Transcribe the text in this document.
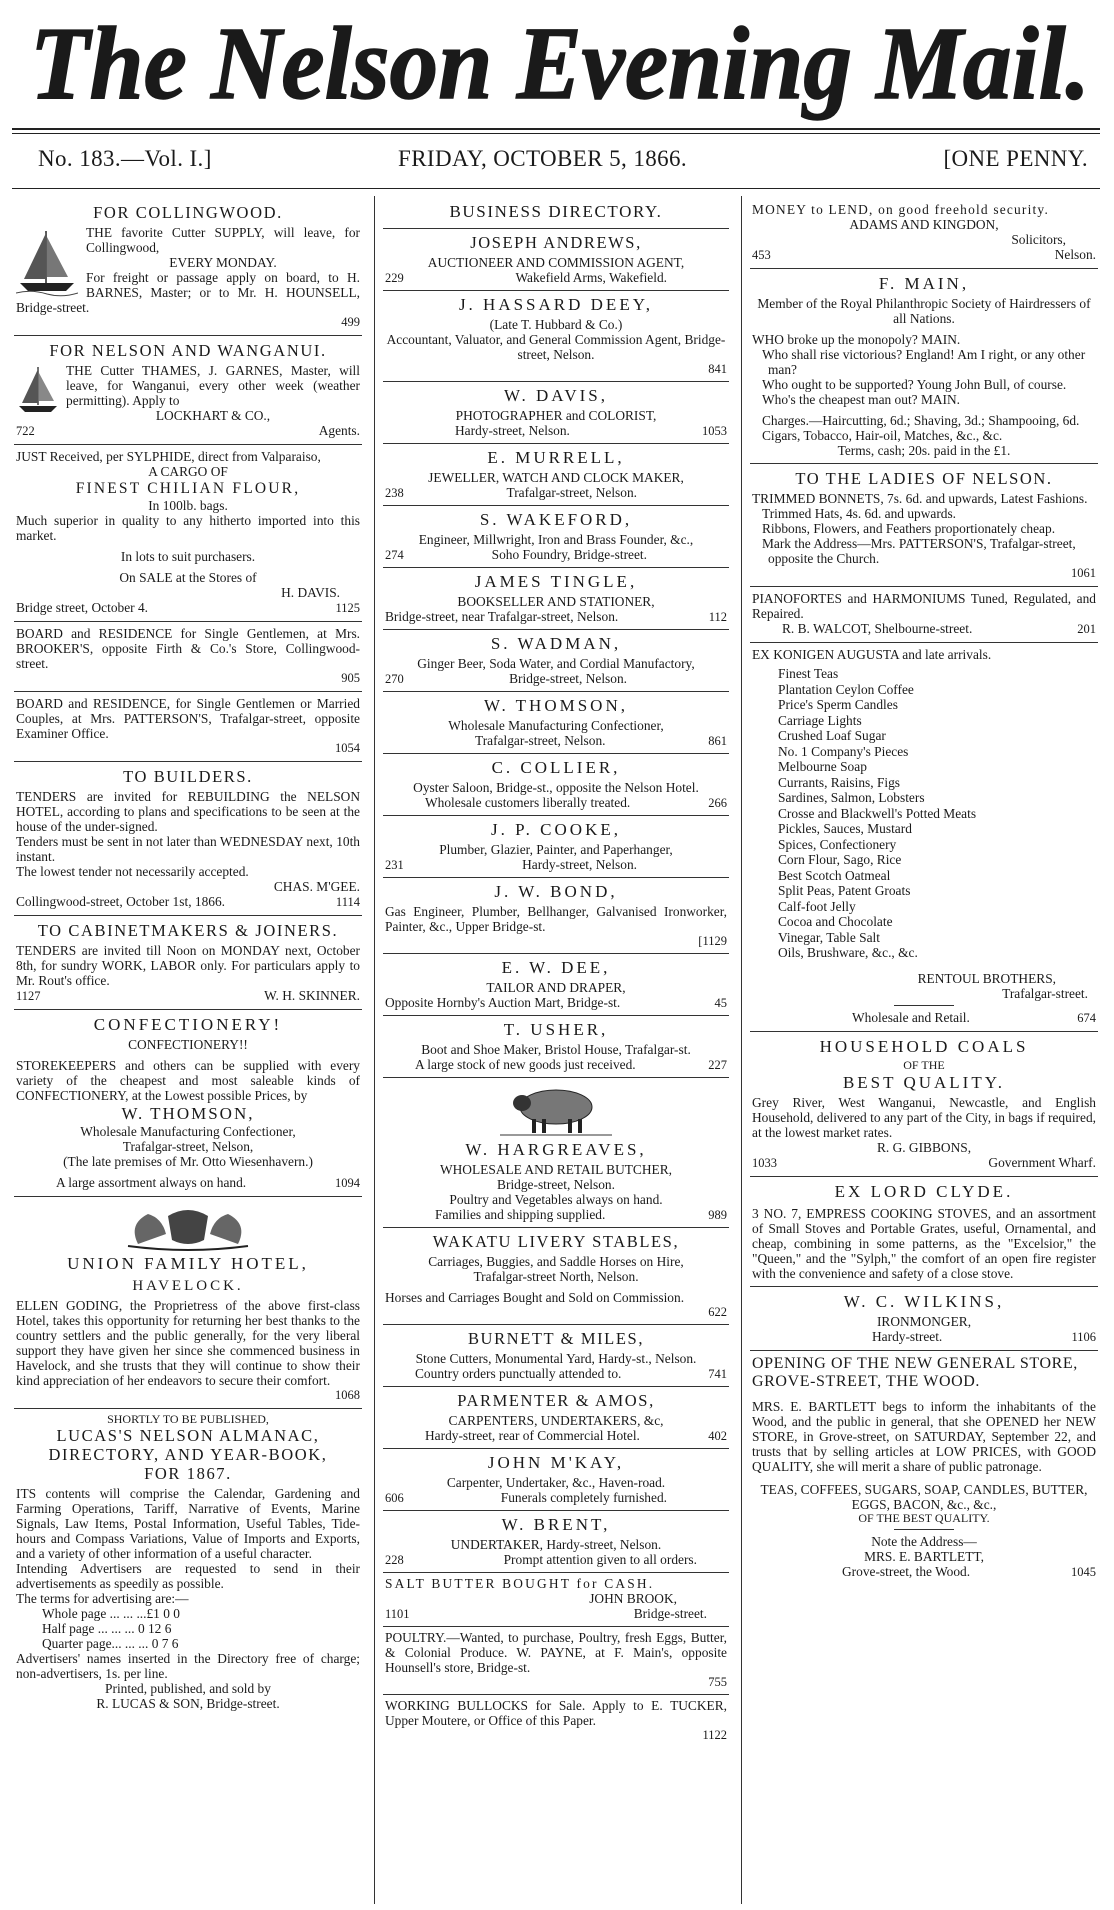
The Nelson Evening Mail.
No. 183.—Vol. I.]	FRIDAY, OCTOBER 5, 1866.	[ONE PENNY.
FOR COLLINGWOOD.
THE favorite Cutter SUPPLY, will leave, for Collingwood,
EVERY MONDAY.
For freight or passage apply on board, to H. BARNES, Master; or to Mr. H. HOUNSELL, Bridge-street.
499
FOR NELSON AND WANGANUI.
THE Cutter THAMES, J. GARNES, Master, will leave, for Wanganui, every other week (weather permitting). Apply to
LOCKHART & CO.,
722	Agents.
JUST Received, per SYLPHIDE, direct from Valparaiso,
A CARGO OF
FINEST CHILIAN FLOUR,
In 100lb. bags.
Much superior in quality to any hitherto imported into this market.
In lots to suit purchasers.
On SALE at the Stores of
H. DAVIS.
Bridge street, October 4.	1125
BOARD and RESIDENCE for Single Gentlemen, at Mrs. BROOKER'S, opposite Firth & Co.'s Store, Collingwood-street.
905
BOARD and RESIDENCE, for Single Gentlemen or Married Couples, at Mrs. PATTERSON'S, Trafalgar-street, opposite Examiner Office.
1054
TO BUILDERS.
TENDERS are invited for REBUILDING the NELSON HOTEL, according to plans and specifications to be seen at the house of the under-signed.
Tenders must be sent in not later than WEDNESDAY next, 10th instant.
The lowest tender not necessarily accepted.
CHAS. M'GEE.
Collingwood-street, October 1st, 1866.	1114
TO CABINETMAKERS & JOINERS.
TENDERS are invited till Noon on MONDAY next, October 8th, for sundry WORK, LABOR only. For particulars apply to Mr. Rout's office.
1127	W. H. SKINNER.
CONFECTIONERY!
CONFECTIONERY!!
STOREKEEPERS and others can be supplied with every variety of the cheapest and most saleable kinds of CONFECTIONERY, at the Lowest possible Prices, by
W. THOMSON,
Wholesale Manufacturing Confectioner,
Trafalgar-street, Nelson,
(The late premises of Mr. Otto Wiesenhavern.)
A large assortment always on hand.	1094
UNION FAMILY HOTEL,
HAVELOCK.
ELLEN GODING, the Proprietress of the above first-class Hotel, takes this opportunity for returning her best thanks to the country settlers and the public generally, for the very liberal support they have given her since she commenced business in Havelock, and she trusts that they will continue to show their kind appreciation of her endeavors to secure their comfort.
1068
SHORTLY TO BE PUBLISHED,
LUCAS'S NELSON ALMANAC,
DIRECTORY, AND YEAR-BOOK,
FOR 1867.
ITS contents will comprise the Calendar, Gardening and Farming Operations, Tariff, Narrative of Events, Marine Signals, Law Items, Postal Information, Useful Tables, Tide-hours and Compass Variations, Value of Imports and Exports, and a variety of other information of a useful character.
Intending Advertisers are requested to send in their advertisements as speedily as possible.
The terms for advertising are:—
Whole page ... ... ...£1 0 0
Half page ... ... ... 0 12 6
Quarter page... ... ... 0 7 6
Advertisers' names inserted in the Directory free of charge; non-advertisers, 1s. per line.
Printed, published, and sold by
R. LUCAS & SON, Bridge-street.
BUSINESS DIRECTORY.
JOSEPH ANDREWS,
AUCTIONEER AND COMMISSION AGENT,
229	Wakefield Arms, Wakefield.
J. HASSARD DEEY,
(Late T. Hubbard & Co.)
Accountant, Valuator, and General Commission Agent, Bridge-street, Nelson.
841
W. DAVIS,
PHOTOGRAPHER and COLORIST,
Hardy-street, Nelson.	1053
E. MURRELL,
JEWELLER, WATCH AND CLOCK MAKER,
238	Trafalgar-street, Nelson.
S. WAKEFORD,
Engineer, Millwright, Iron and Brass Founder, &c.,
274	Soho Foundry, Bridge-street.
JAMES TINGLE,
BOOKSELLER AND STATIONER,
Bridge-street, near Trafalgar-street, Nelson.	112
S. WADMAN,
Ginger Beer, Soda Water, and Cordial Manufactory,
270	Bridge-street, Nelson.
W. THOMSON,
Wholesale Manufacturing Confectioner,
Trafalgar-street, Nelson.	861
C. COLLIER,
Oyster Saloon, Bridge-st., opposite the Nelson Hotel.
Wholesale customers liberally treated.	266
J. P. COOKE,
Plumber, Glazier, Painter, and Paperhanger,
231	Hardy-street, Nelson.
J. W. BOND,
Gas Engineer, Plumber, Bellhanger, Galvanised Ironworker, Painter, &c., Upper Bridge-st.
[1129
E. W. DEE,
TAILOR AND DRAPER,
Opposite Hornby's Auction Mart, Bridge-st.	45
T. USHER,
Boot and Shoe Maker, Bristol House, Trafalgar-st.
A large stock of new goods just received.	227
W. HARGREAVES,
WHOLESALE AND RETAIL BUTCHER,
Bridge-street, Nelson.
Poultry and Vegetables always on hand.
Families and shipping supplied.	989
WAKATU LIVERY STABLES,
Carriages, Buggies, and Saddle Horses on Hire,
Trafalgar-street North, Nelson.
Horses and Carriages Bought and Sold on Commission.
622
BURNETT & MILES,
Stone Cutters, Monumental Yard, Hardy-st., Nelson.
Country orders punctually attended to.	741
PARMENTER & AMOS,
CARPENTERS, UNDERTAKERS, &c,
Hardy-street, rear of Commercial Hotel.	402
JOHN M'KAY,
Carpenter, Undertaker, &c., Haven-road.
606	Funerals completely furnished.
W. BRENT,
UNDERTAKER, Hardy-street, Nelson.
228	Prompt attention given to all orders.
SALT BUTTER BOUGHT for CASH.
JOHN BROOK,
1101	Bridge-street.
POULTRY.—Wanted, to purchase, Poultry, fresh Eggs, Butter, & Colonial Produce. W. PAYNE, at F. Main's, opposite Hounsell's store, Bridge-st.
755
WORKING BULLOCKS for Sale. Apply to E. TUCKER, Upper Moutere, or Office of this Paper.
1122
MONEY to LEND, on good freehold security.
ADAMS AND KINGDON,
Solicitors,
453	Nelson.
F. MAIN,
Member of the Royal Philanthropic Society of Hairdressers of all Nations.
WHO broke up the monopoly? MAIN.
Who shall rise victorious? England! Am I right, or any other man?
Who ought to be supported? Young John Bull, of course.
Who's the cheapest man out? MAIN.
Charges.—Haircutting, 6d.; Shaving, 3d.; Shampooing, 6d.
Cigars, Tobacco, Hair-oil, Matches, &c., &c.
Terms, cash; 20s. paid in the £1.
TO THE LADIES OF NELSON.
TRIMMED BONNETS, 7s. 6d. and upwards, Latest Fashions.
Trimmed Hats, 4s. 6d. and upwards.
Ribbons, Flowers, and Feathers proportionately cheap.
Mark the Address—Mrs. PATTERSON'S, Trafalgar-street, opposite the Church.
1061
PIANOFORTES and HARMONIUMS Tuned, Regulated, and Repaired.
R. B. WALCOT, Shelbourne-street.	201
EX KONIGEN AUGUSTA and late arrivals.
Finest Teas
Plantation Ceylon Coffee
Price's Sperm Candles
Carriage Lights
Crushed Loaf Sugar
No. 1 Company's Pieces
Melbourne Soap
Currants, Raisins, Figs
Sardines, Salmon, Lobsters
Crosse and Blackwell's Potted Meats
Pickles, Sauces, Mustard
Spices, Confectionery
Corn Flour, Sago, Rice
Best Scotch Oatmeal
Split Peas, Patent Groats
Calf-foot Jelly
Cocoa and Chocolate
Vinegar, Table Salt
Oils, Brushware, &c., &c.
RENTOUL BROTHERS,
Trafalgar-street.
Wholesale and Retail.	674
HOUSEHOLD COALS
OF THE
BEST QUALITY.
Grey River, West Wanganui, Newcastle, and English Household, delivered to any part of the City, in bags if required, at the lowest market rates.
R. G. GIBBONS,
1033	Government Wharf.
EX LORD CLYDE.
3 NO. 7, EMPRESS COOKING STOVES, and an assortment of Small Stoves and Portable Grates, useful, Ornamental, and cheap, combining in some patterns, as the "Excelsior," the "Queen," and the "Sylph," the comfort of an open fire register with the convenience and safety of a close stove.
W. C. WILKINS,
IRONMONGER,
Hardy-street.	1106
OPENING OF THE NEW GENERAL STORE, GROVE-STREET, THE WOOD.
MRS. E. BARTLETT begs to inform the inhabitants of the Wood, and the public in general, that she OPENED her NEW STORE, in Grove-street, on SATURDAY, September 22, and trusts that by selling articles at LOW PRICES, with GOOD QUALITY, she will merit a share of public patronage.
TEAS, COFFEES, SUGARS, SOAP, CANDLES, BUTTER, EGGS, BACON, &c., &c.,
OF THE BEST QUALITY.
Note the Address—
MRS. E. BARTLETT,
Grove-street, the Wood.	1045
